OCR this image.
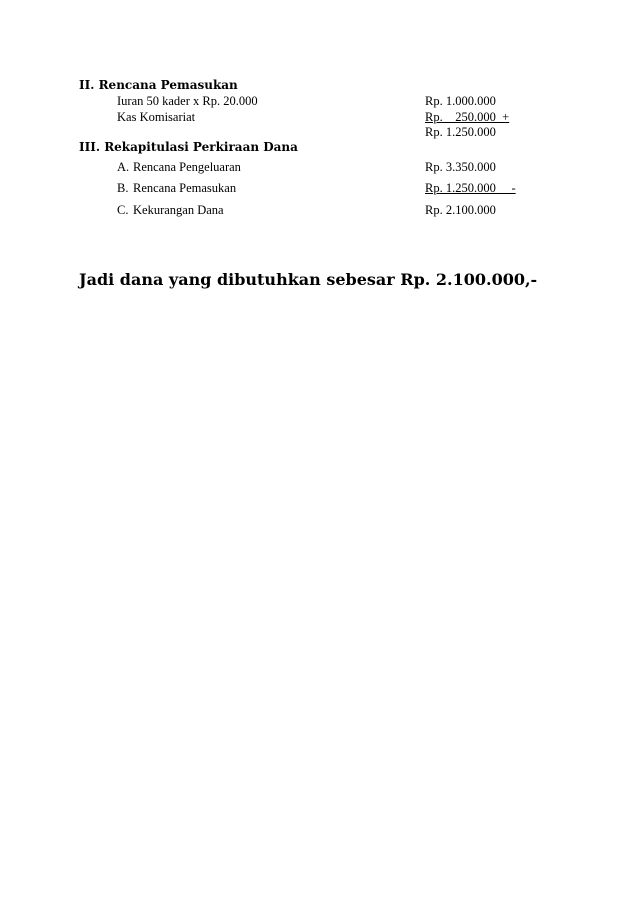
II. Rencana Pemasukan
Iuran 50 kader x Rp. 20.000	Rp. 1.000.000
Kas Komisariat	Rp.    250.000  +
Rp. 1.250.000
III. Rekapitulasi Perkiraan Dana
A. Rencana Pengeluaran	Rp. 3.350.000
B. Rencana Pemasukan	Rp. 1.250.000     -
C. Kekurangan Dana	Rp. 2.100.000
Jadi dana yang dibutuhkan sebesar Rp. 2.100.000,-
